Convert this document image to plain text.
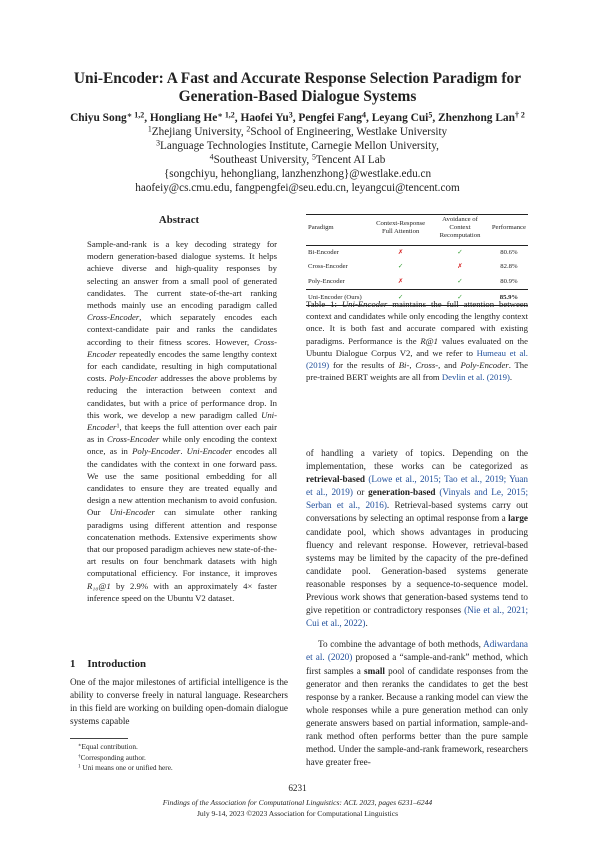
Uni-Encoder: A Fast and Accurate Response Selection Paradigm for
Generation-Based Dialogue Systems
Chiyu Song$^{∗ 1,2}$, Hongliang $He^{∗ 1,2}$, Haofei Yu$^3$, Pengfei Fang$^4$, Leyang Cui$^5$, Zhenzhong Lan$^{\dagger 2}$
$^1$Zhejiang University, $^2$School of Engineering, Westlake University
$^3$Language Technologies Institute, Carnegie Mellon University,
$^4$Southeast University, $^5$Tencent AI Lab
{songchiyu, hehongliang, lanzhenzhong}@westlake.edu.cn
haofeiy@cs.cmu.edu, fangpengfei@seu.edu.cn, leyangcui@tencent.com
Abstract

Sample-and-rank is a key decoding strategy for modern generation-based dialogue systems. It helps achieve diverse and high-quality responses by selecting an answer from a small pool of generated candidates. The current state-of-the-art ranking methods mainly use an encoding paradigm called Cross-Encoder, which separately encodes each context-candidate pair and ranks the candidates according to their fitness scores. However, Cross-Encoder repeatedly encodes the same lengthy context for each candidate, resulting in high computational costs. Poly-Encoder addresses the above problems by reducing the interaction between context and candidates, but with a price of performance drop. In this work, we develop a new paradigm called Uni-Encoder$^1$, that keeps the full attention over each pair as in Cross-Encoder while only encoding the context once, as in Poly-Encoder. Uni-Encoder encodes all the candidates with the context in one forward pass. We use the same positional embedding for all candidates to ensure they are treated equally and design a new attention mechanism to avoid confusion. Our Uni-Encoder can simulate other ranking paradigms using different attention and response concatenation methods. Extensive experiments show that our proposed paradigm achieves new state-of-the-art results on four benchmark datasets with high computational efficiency. For instance, it improves R₁₀@1 by 2.9% with an approximately 4× faster inference speed on the Ubuntu V2 dataset.

1 Introduction

One of the major milestones of artificial intelligence is the ability to converse freely in natural language. Researchers in this field are working on building open-domain dialogue systems capable

∗Equal contribution.
†Corresponding author.
$^1$ Uni means one or unified here.
Paradigm	Context-Response Full Attention	Avoidance of Context Recomputation	Performance
Bi-Encoder	✗	✓	80.6%
Cross-Encoder	✓	✗	82.8%
Poly-Encoder	✗	✓	80.9%
Uni-Encoder (Ours)	✓	✓	85.9%

Table 1: Uni-Encoder maintains the full attention between context and candidates while only encoding the lengthy context once. It is both fast and accurate compared with existing paradigms. Performance is the R@1 values evaluated on the Ubuntu Dialogue Corpus V2, and we refer to Humeau et al. (2019) for the results of Bi-, Cross-, and Poly-Encoder. The pre-trained BERT weights are all from Devlin et al. (2019).

of handling a variety of topics. Depending on the implementation, these works can be categorized as retrieval-based (Lowe et al., 2015; Tao et al., 2019; Yuan et al., 2019) or generation-based (Vinyals and Le, 2015; Serban et al., 2016). Retrieval-based systems carry out conversations by selecting an optimal response from a large candidate pool, which shows advantages in producing fluency and relevant response. However, retrieval-based systems may be limited by the capacity of the pre-defined candidate pool. Generation-based systems generate reasonable responses by a sequence-to-sequence model. Previous work shows that generation-based systems tend to give repetition or contradictory responses (Nie et al., 2021; Cui et al., 2022).

To combine the advantage of both methods, Adiwardana et al. (2020) proposed a “sample-and-rank” method, which first samples a small pool of candidate responses from the generator and then reranks the candidates to get the best response by a ranker. Because a ranking model can view the whole responses while a pure generation method can only generate answers based on partial information, sample-and-rank method often performs better than the pure sample method. Under the sample-and-rank framework, researchers have greater free-

6231
Findings of the Association for Computational Linguistics: ACL 2023, pages 6231–6244
July 9-14, 2023 ©2023 Association for Computational Linguistics
